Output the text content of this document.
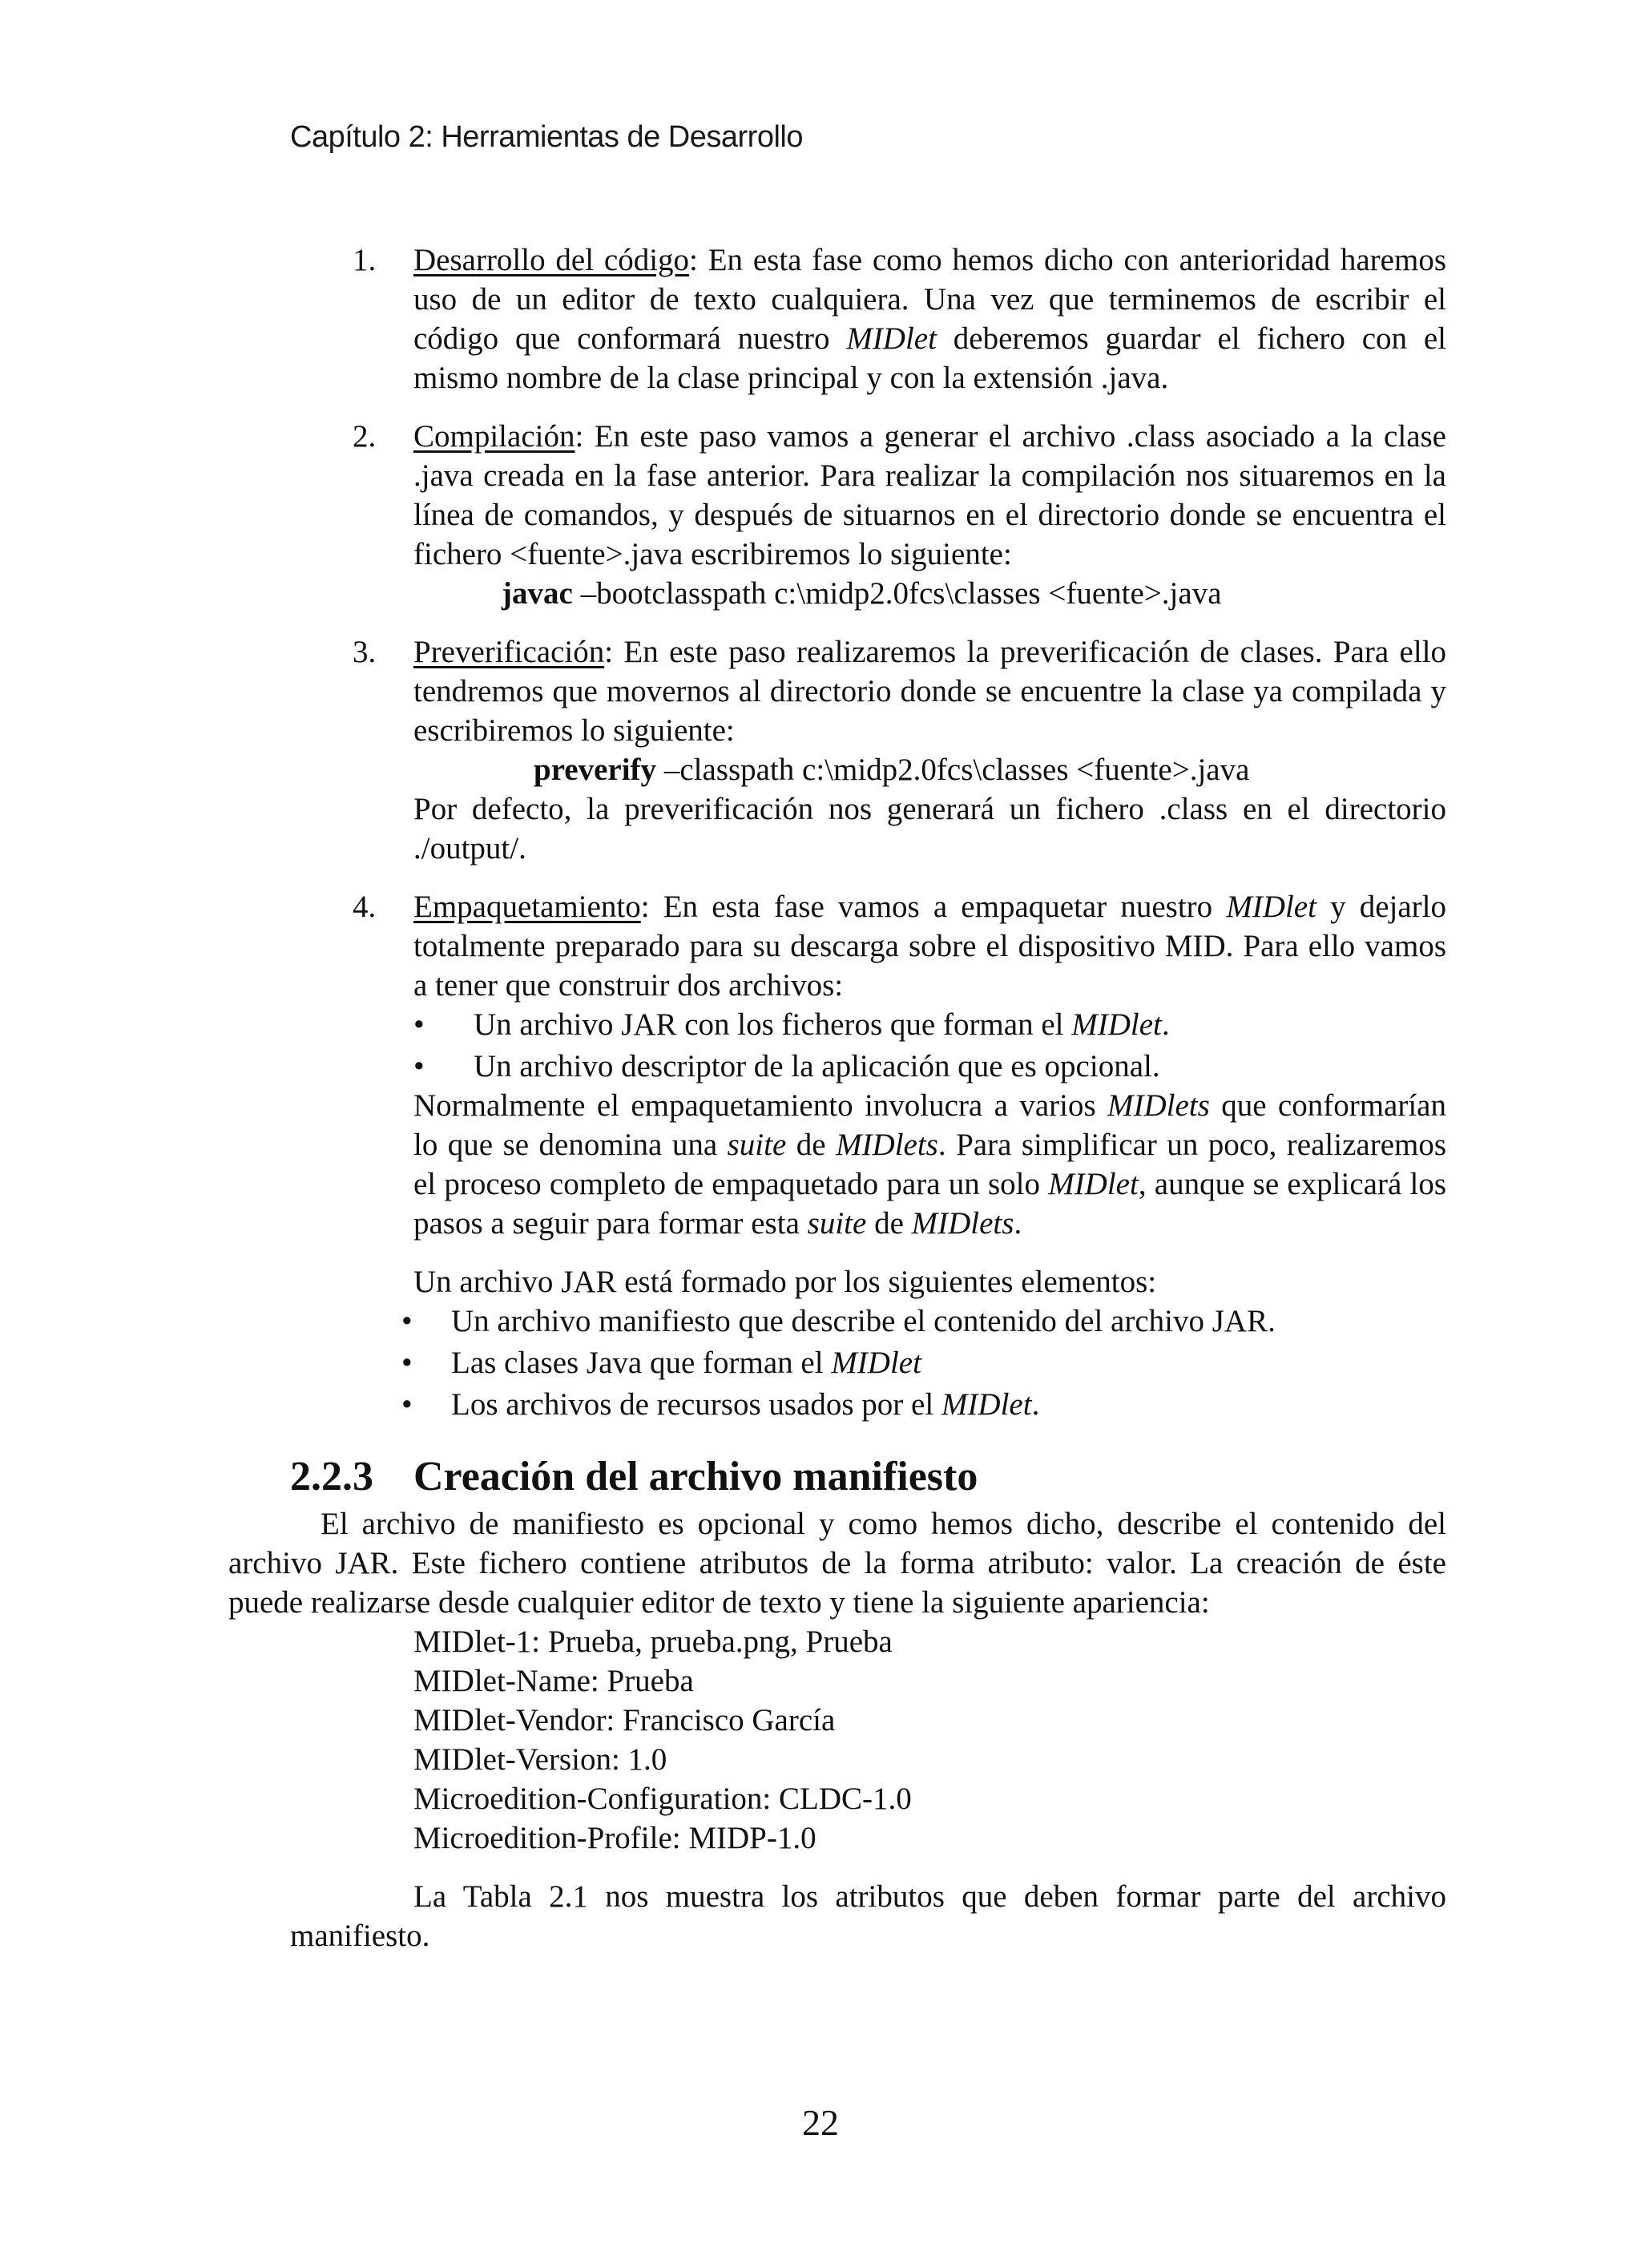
Capítulo 2: Herramientas de Desarrollo
1. Desarrollo del código: En esta fase como hemos dicho con anterioridad haremos uso de un editor de texto cualquiera. Una vez que terminemos de escribir el código que conformará nuestro MIDlet deberemos guardar el fichero con el mismo nombre de la clase principal y con la extensión .java.
2. Compilación: En este paso vamos a generar el archivo .class asociado a la clase .java creada en la fase anterior. Para realizar la compilación nos situaremos en la línea de comandos, y después de situarnos en el directorio donde se encuentra el fichero <fuente>.java escribiremos lo siguiente:
javac –bootclasspath c:\midp2.0fcs\classes <fuente>.java
3. Preverificación: En este paso realizaremos la preverificación de clases. Para ello tendremos que movernos al directorio donde se encuentre la clase ya compilada y escribiremos lo siguiente:
preverify –classpath c:\midp2.0fcs\classes <fuente>.java
Por defecto, la preverificación nos generará un fichero .class en el directorio ./output/.
4. Empaquetamiento: En esta fase vamos a empaquetar nuestro MIDlet y dejarlo totalmente preparado para su descarga sobre el dispositivo MID. Para ello vamos a tener que construir dos archivos:
• Un archivo JAR con los ficheros que forman el MIDlet.
• Un archivo descriptor de la aplicación que es opcional.
Normalmente el empaquetamiento involucra a varios MIDlets que conformarían lo que se denomina una suite de MIDlets. Para simplificar un poco, realizaremos el proceso completo de empaquetado para un solo MIDlet, aunque se explicará los pasos a seguir para formar esta suite de MIDlets.
Un archivo JAR está formado por los siguientes elementos:
• Un archivo manifiesto que describe el contenido del archivo JAR.
• Las clases Java que forman el MIDlet
• Los archivos de recursos usados por el MIDlet.
2.2.3 Creación del archivo manifiesto

El archivo de manifiesto es opcional y como hemos dicho, describe el contenido del archivo JAR. Este fichero contiene atributos de la forma atributo: valor. La creación de éste puede realizarse desde cualquier editor de texto y tiene la siguiente apariencia:

MIDlet-1: Prueba, prueba.png, Prueba
MIDlet-Name: Prueba
MIDlet-Vendor: Francisco García
MIDlet-Version: 1.0
Microedition-Configuration: CLDC-1.0
Microedition-Profile: MIDP-1.0
La Tabla 2.1 nos muestra los atributos que deben formar parte del archivo manifiesto.
22
